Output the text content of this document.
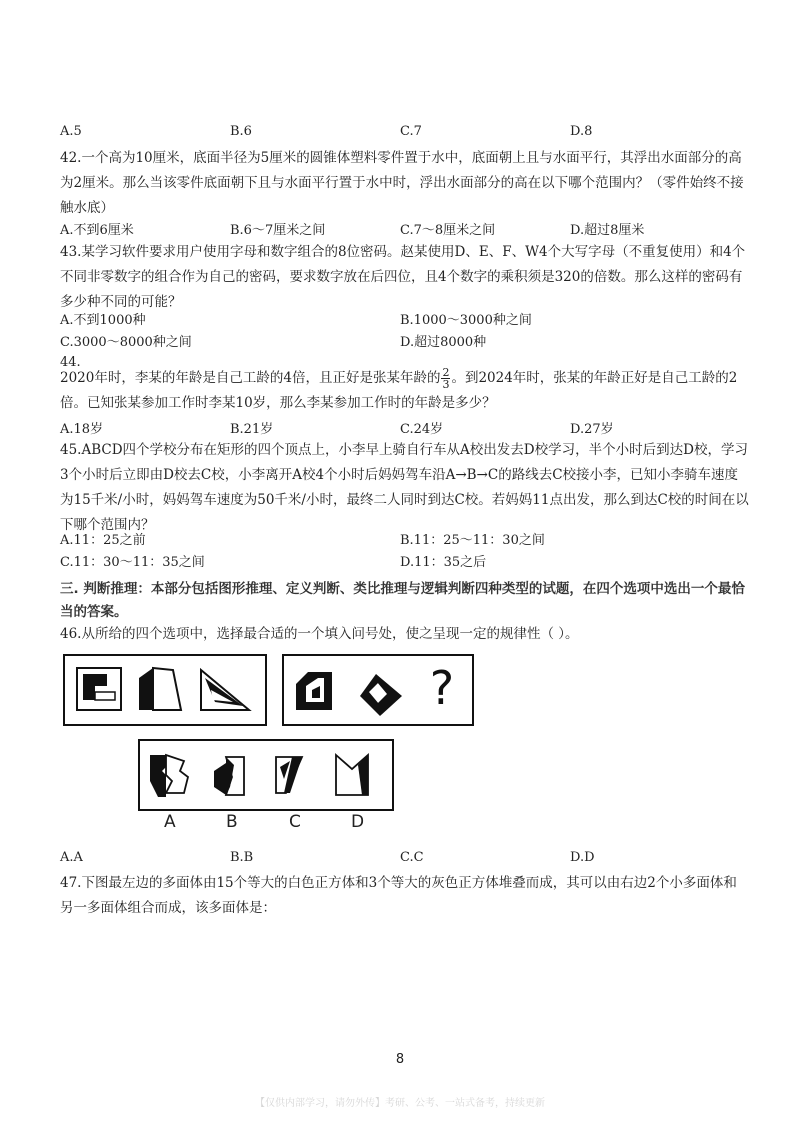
A.5	B.6	C.7	D.8
42.一个高为10厘米，底面半径为5厘米的圆锥体塑料零件置于水中，底面朝上且与水面平行，其浮出水面部分的高为2厘米。那么当该零件底面朝下且与水面平行置于水中时，浮出水面部分的高在以下哪个范围内？（零件始终不接触水底）
A.不到6厘米	B.6～7厘米之间	C.7～8厘米之间	D.超过8厘米
43.某学习软件要求用户使用字母和数字组合的8位密码。赵某使用D、E、F、W4个大写字母（不重复使用）和4个不同非零数字的组合作为自己的密码，要求数字放在后四位，且4个数字的乘积须是320的倍数。那么这样的密码有多少种不同的可能？
A.不到1000种	B.1000～3000种之间
C.3000～8000种之间	D.超过8000种
44.
2020年时，李某的年龄是自己工龄的4倍，且正好是张某年龄的 $\frac{2}{3}$ 。到2024年时，张某的年龄正好是自己工龄的2倍。已知张某参加工作时李某10岁，那么李某参加工作时的年龄是多少？
A.18岁	B.21岁	C.24岁	D.27岁
45.ABCD四个学校分布在矩形的四个顶点上，小李早上骑自行车从A校出发去D校学习，半个小时后到达D校，学习3个小时后立即由D校去C校，小李离开A校4个小时后妈妈驾车沿A→B→C的路线去C校接小李，已知小李骑车速度为15千米/小时，妈妈驾车速度为50千米/小时，最终二人同时到达C校。若妈妈11点出发，那么到达C校的时间在以下哪个范围内？
A.11：25之前	B.11：25～11：30之间
C.11：30～11：35之间	D.11：35之后
三. 判断推理：本部分包括图形推理、定义判断、类比推理与逻辑判断四种类型的试题，在四个选项中选出一个最恰当的答案。
46.从所给的四个选项中，选择最合适的一个填入问号处，使之呈现一定的规律性（ ）。
?
A	B	C	D
A.A	B.B	C.C	D.D
47.下图最左边的多面体由15个等大的白色正方体和3个等大的灰色正方体堆叠而成，其可以由右边2个小多面体和另一多面体组合而成，该多面体是：
8
【仅供内部学习，请勿外传】考研、公考、一站式备考，持续更新
